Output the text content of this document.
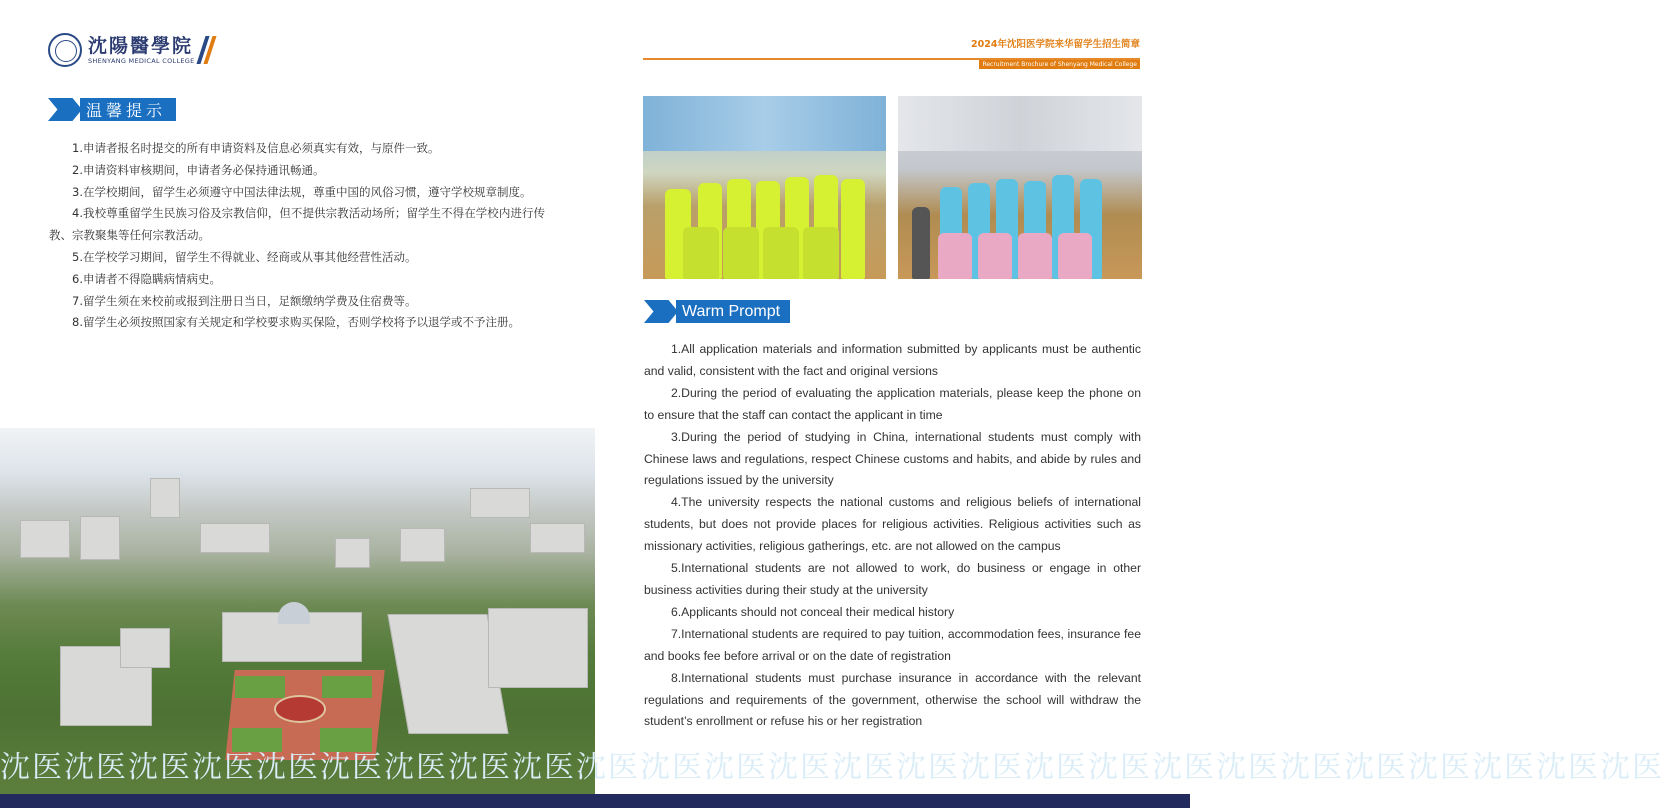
沈陽醫學院
SHENYANG MEDICAL COLLEGE
2024年沈阳医学院来华留学生招生简章
Recruitment Brochure of Shenyang Medical College
温馨提示

1.申请者报名时提交的所有申请资料及信息必须真实有效，与原件一致。

2.申请资料审核期间，申请者务必保持通讯畅通。

3.在学校期间，留学生必须遵守中国法律法规，尊重中国的风俗习惯，遵守学校规章制度。

4.我校尊重留学生民族习俗及宗教信仰，但不提供宗教活动场所；留学生不得在学校内进行传教、宗教聚集等任何宗教活动。

5.在学校学习期间，留学生不得就业、经商或从事其他经营性活动。

6.申请者不得隐瞒病情病史。

7.留学生须在来校前或报到注册日当日，足额缴纳学费及住宿费等。

8.留学生必须按照国家有关规定和学校要求购买保险，否则学校将予以退学或不予注册。

Warm Prompt

1.All application materials and information submitted by applicants must be authentic and valid, consistent with the fact and original versions

2.During the period of evaluating the application materials, please keep the phone on to ensure that the staff can contact the applicant in time

3.During the period of studying in China, international students must comply with Chinese laws and regulations, respect Chinese customs and habits, and abide by rules and regulations issued by the university

4.The university respects the national customs and religious beliefs of international students, but does not provide places for religious activities. Religious activities such as missionary activities, religious gatherings, etc. are not allowed on the campus

5.International students are not allowed to work, do business or engage in other business activities during their study at the university

6.Applicants should not conceal their medical history

7.International students are required to pay tuition, accommodation fees, insurance fee and books fee before arrival or on the date of registration

8.International students must purchase insurance in accordance with the relevant regulations and requirements of the government, otherwise the school will withdraw the student’s enrollment or refuse his or her registration

沈医沈医沈医沈医沈医沈医沈医沈医沈医沈医沈医沈医沈医沈医沈医沈医沈医沈医沈医沈医沈医沈医沈医沈医沈医沈医
